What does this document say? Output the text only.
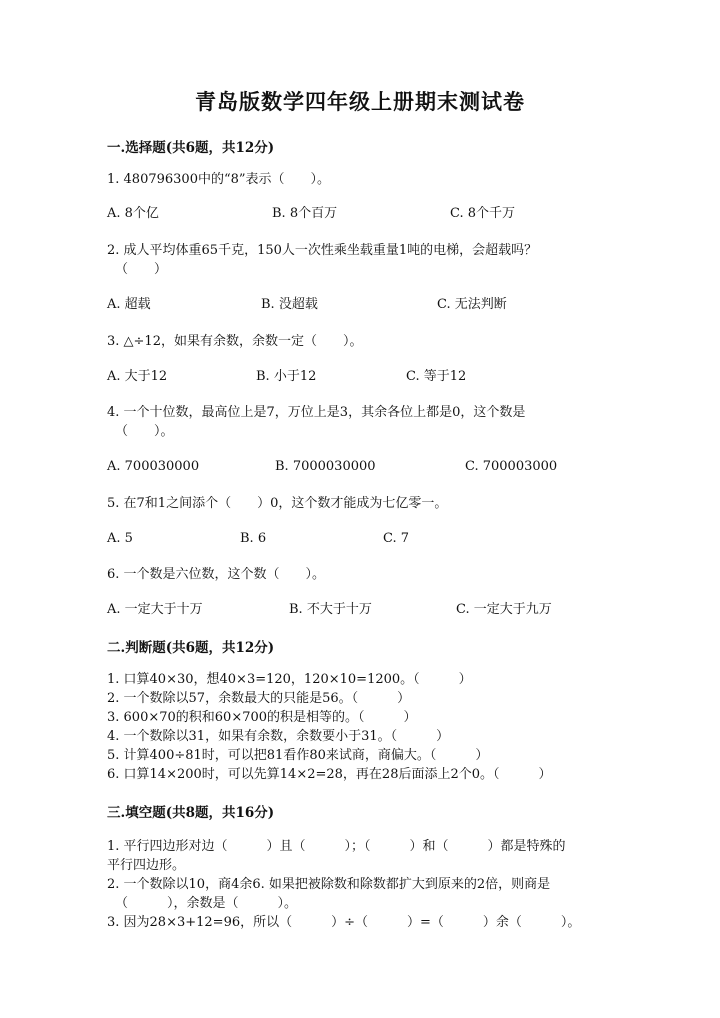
青岛版数学四年级上册期末测试卷
一.选择题(共6题，共12分)
1. 480796300中的“8”表示（　　）。
A. 8个亿	B. 8个百万	C. 8个千万
2. 成人平均体重65千克，150人一次性乘坐载重量1吨的电梯，会超载吗？
（　　）
A. 超载	B. 没超载	C. 无法判断
3. △÷12，如果有余数，余数一定（　　）。
A. 大于12	B. 小于12	C. 等于12
4. 一个十位数，最高位上是7，万位上是3，其余各位上都是0，这个数是
（　　）。
A. 700030000	B. 7000030000	C. 700003000
5. 在7和1之间添个（　　）0，这个数才能成为七亿零一。
A. 5	B. 6	C. 7
6. 一个数是六位数，这个数（　　）。
A. 一定大于十万	B. 不大于十万	C. 一定大于九万
二.判断题(共6题，共12分)
1. 口算40×30，想40×3=120，120×10=1200。（　　　）
2. 一个数除以57，余数最大的只能是56。（　　　）
3. 600×70的积和60×700的积是相等的。（　　　）
4. 一个数除以31，如果有余数，余数要小于31。（　　　）
5. 计算400÷81时，可以把81看作80来试商，商偏大。（　　　）
6. 口算14×200时，可以先算14×2=28，再在28后面添上2个0。（　　　）
三.填空题(共8题，共16分)
1. 平行四边形对边（　　　）且（　　　）；（　　　）和（　　　）都是特殊的
平行四边形。
2. 一个数除以10，商4余6. 如果把被除数和除数都扩大到原来的2倍，则商是
（　　　），余数是（　　　）。
3. 因为28×3+12=96，所以（　　　）÷（　　　）=（　　　）余（　　　）。
